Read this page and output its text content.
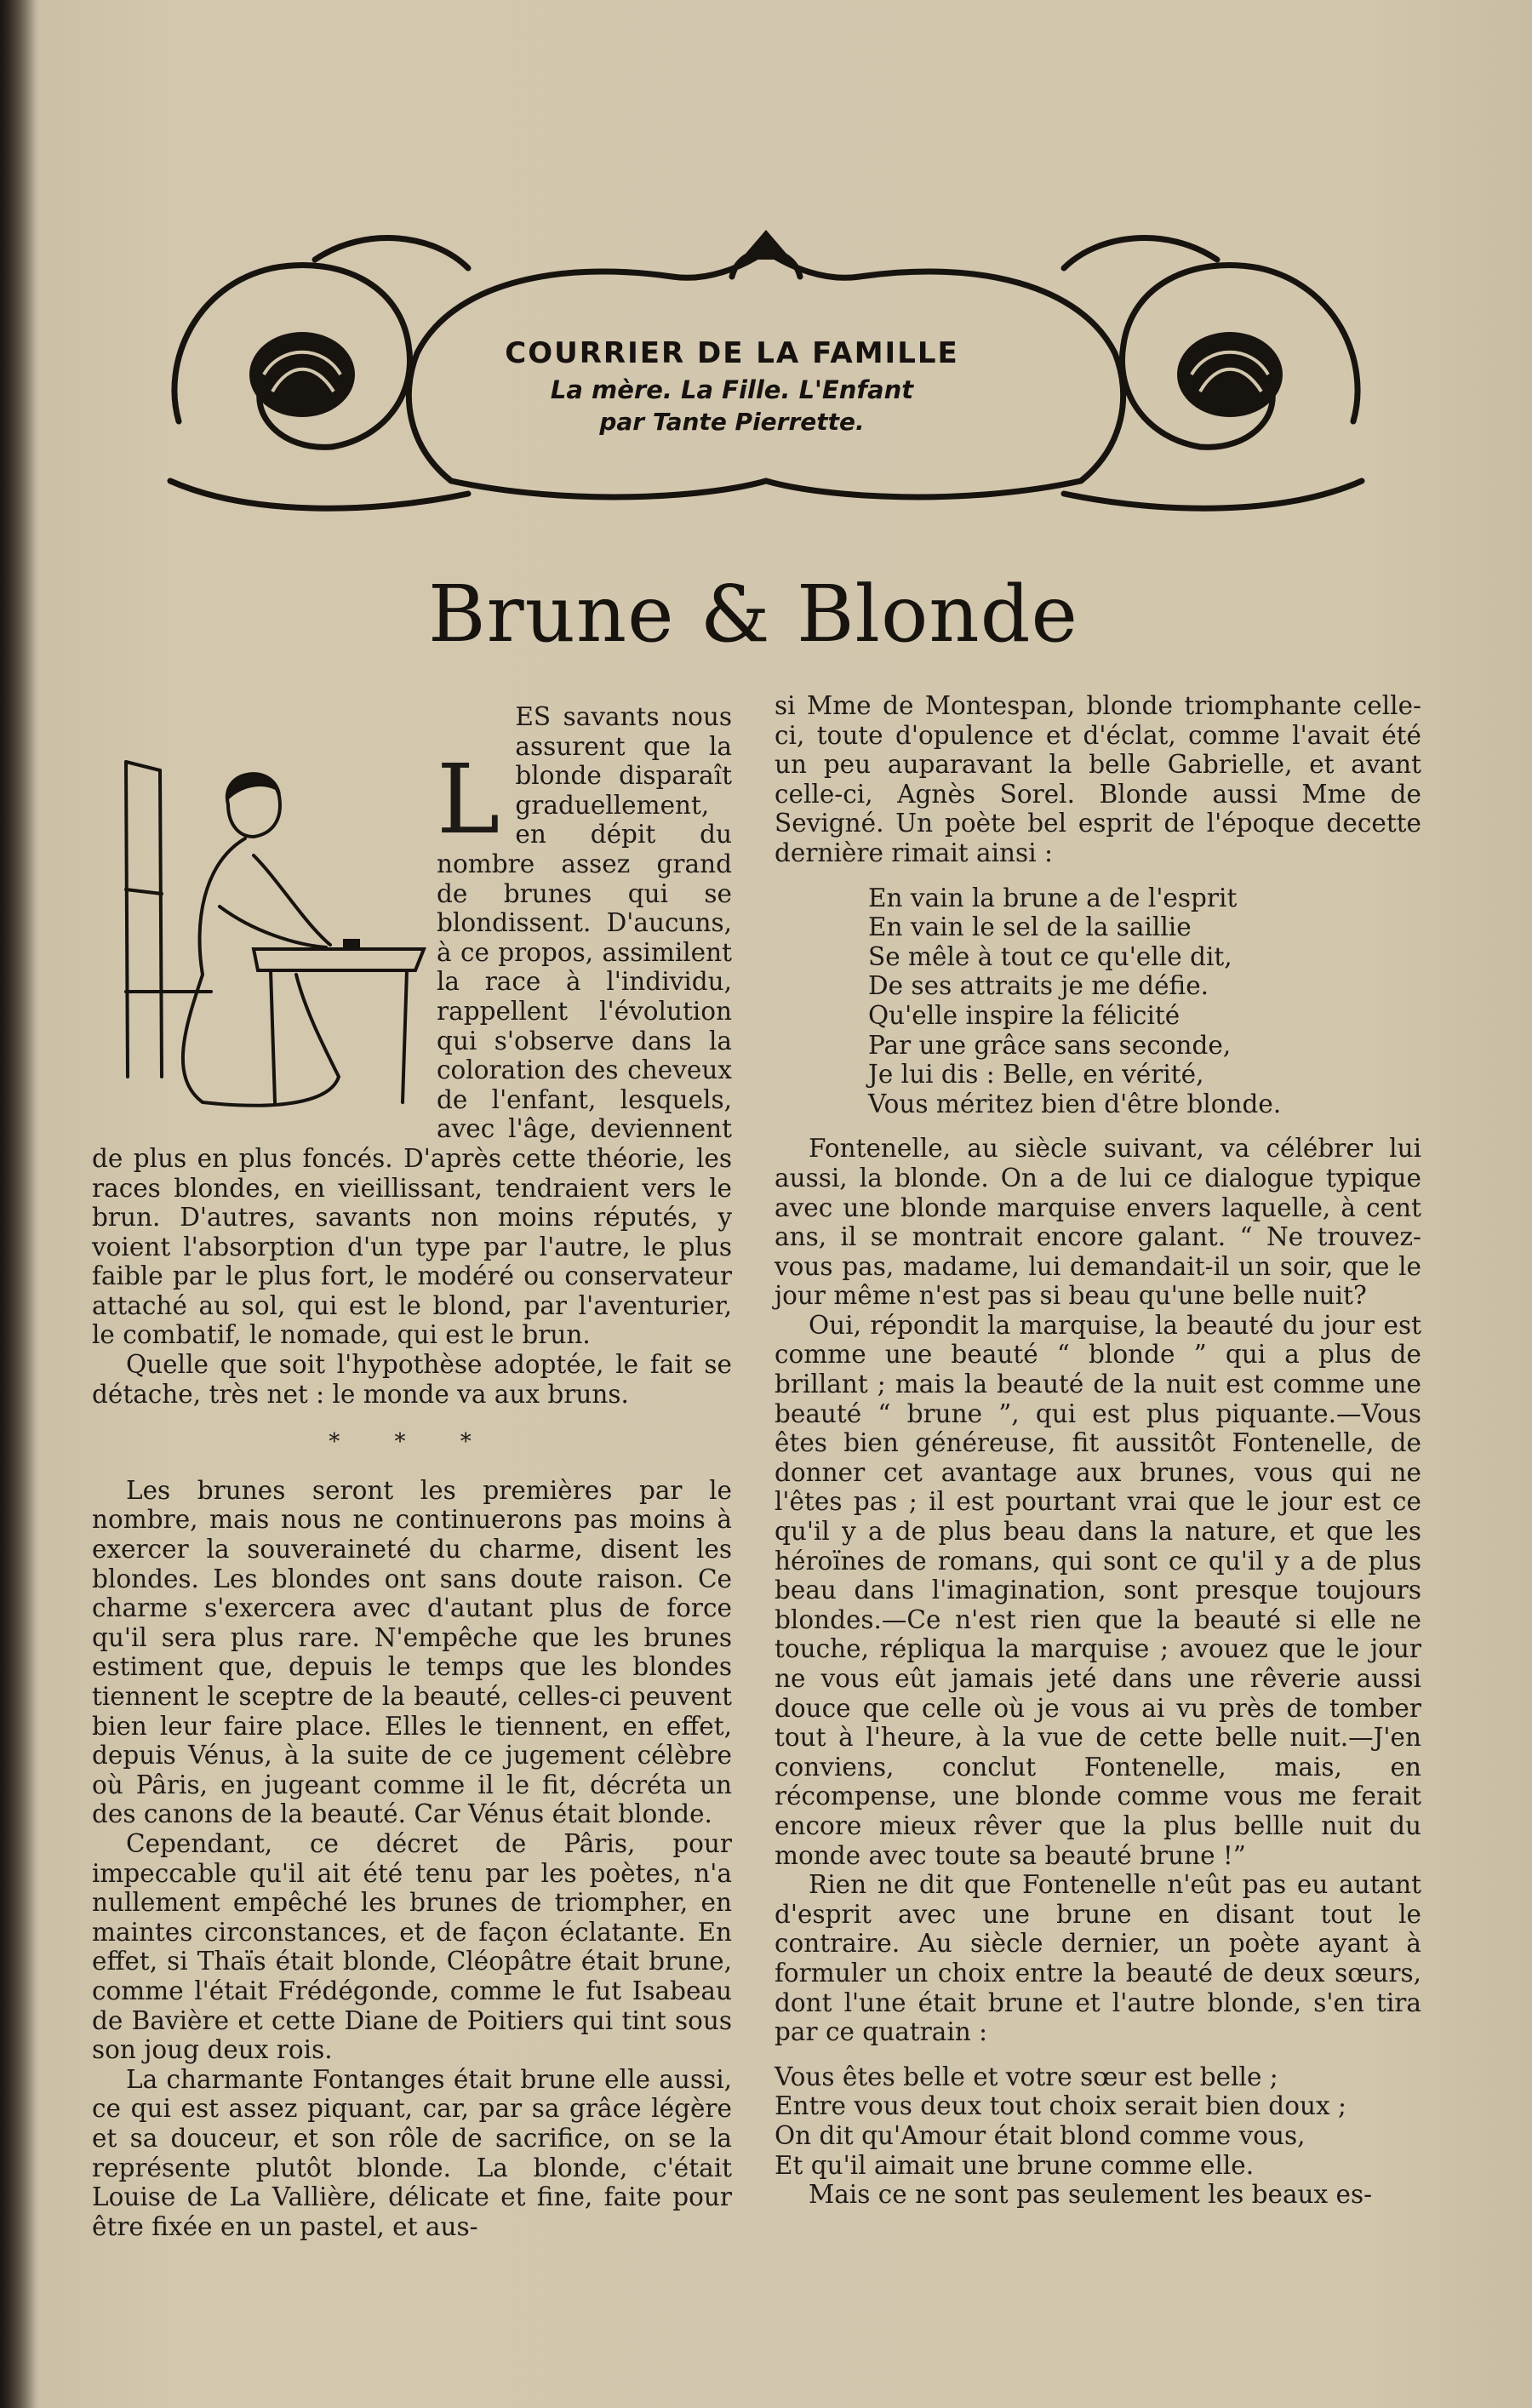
COURRIER DE LA FAMILLE
La mère. La Fille. L'Enfant
par Tante Pierrette.
Brune & Blonde
L

ES savants nous assurent que la blonde disparaît graduellement, en dépit du nombre assez grand de brunes qui se blondissent. D'aucuns, à ce propos, assimilent la race à l'individu, rappellent l'évolution qui s'observe dans la coloration des cheveux de l'enfant, lesquels, avec l'âge, deviennent de plus en plus foncés. D'après cette théorie, les races blondes, en vieillissant, tendraient vers le brun. D'autres, savants non moins réputés, y voient l'absorption d'un type par l'autre, le plus faible par le plus fort, le modéré ou conservateur attaché au sol, qui est le blond, par l'aventurier, le combatif, le nomade, qui est le brun.

Quelle que soit l'hypothèse adoptée, le fait se détache, très net : le monde va aux bruns.

* * *

Les brunes seront les premières par le nombre, mais nous ne continuerons pas moins à exercer la souveraineté du charme, disent les blondes. Les blondes ont sans doute raison. Ce charme s'exercera avec d'autant plus de force qu'il sera plus rare. N'empêche que les brunes estiment que, depuis le temps que les blondes tiennent le sceptre de la beauté, celles-ci peuvent bien leur faire place. Elles le tiennent, en effet, depuis Vénus, à la suite de ce jugement célèbre où Pâris, en jugeant comme il le fit, décréta un des canons de la beauté. Car Vénus était blonde.

Cependant, ce décret de Pâris, pour impeccable qu'il ait été tenu par les poètes, n'a nullement empêché les brunes de triompher, en maintes circonstances, et de façon éclatante. En effet, si Thaïs était blonde, Cléopâtre était brune, comme l'était Frédégonde, comme le fut Isabeau de Bavière et cette Diane de Poitiers qui tint sous son joug deux rois.

La charmante Fontanges était brune elle aussi, ce qui est assez piquant, car, par sa grâce légère et sa douceur, et son rôle de sacrifice, on se la représente plutôt blonde. La blonde, c'était Louise de La Vallière, délicate et fine, faite pour être fixée en un pastel, et aus-

si Mme de Montespan, blonde triomphante celle-ci, toute d'opulence et d'éclat, comme l'avait été un peu auparavant la belle Gabrielle, et avant celle-ci, Agnès Sorel. Blonde aussi Mme de Sevigné. Un poète bel esprit de l'époque decette dernière rimait ainsi :

En vain la brune a de l'esprit
En vain le sel de la saillie
Se mêle à tout ce qu'elle dit,
De ses attraits je me défie.
Qu'elle inspire la félicité
Par une grâce sans seconde,
Je lui dis : Belle, en vérité,
Vous méritez bien d'être blonde.

Fontenelle, au siècle suivant, va célébrer lui aussi, la blonde. On a de lui ce dialogue typique avec une blonde marquise envers laquelle, à cent ans, il se montrait encore galant. “ Ne trouvez-vous pas, madame, lui demandait-il un soir, que le jour même n'est pas si beau qu'une belle nuit?

Oui, répondit la marquise, la beauté du jour est comme une beauté “ blonde ” qui a plus de brillant ; mais la beauté de la nuit est comme une beauté “ brune ”, qui est plus piquante.—Vous êtes bien généreuse, fit aussitôt Fontenelle, de donner cet avantage aux brunes, vous qui ne l'êtes pas ; il est pourtant vrai que le jour est ce qu'il y a de plus beau dans la nature, et que les héroïnes de romans, qui sont ce qu'il y a de plus beau dans l'imagination, sont presque toujours blondes.—Ce n'est rien que la beauté si elle ne touche, répliqua la marquise ; avouez que le jour ne vous eût jamais jeté dans une rêverie aussi douce que celle où je vous ai vu près de tomber tout à l'heure, à la vue de cette belle nuit.—J'en conviens, conclut Fontenelle, mais, en récompense, une blonde comme vous me ferait encore mieux rêver que la plus bellle nuit du monde avec toute sa beauté brune !”

Rien ne dit que Fontenelle n'eût pas eu autant d'esprit avec une brune en disant tout le contraire. Au siècle dernier, un poète ayant à formuler un choix entre la beauté de deux sœurs, dont l'une était brune et l'autre blonde, s'en tira par ce quatrain :

Vous êtes belle et votre sœur est belle ;
Entre vous deux tout choix serait bien doux ;
On dit qu'Amour était blond comme vous,
Et qu'il aimait une brune comme elle.

Mais ce ne sont pas seulement les beaux es-
